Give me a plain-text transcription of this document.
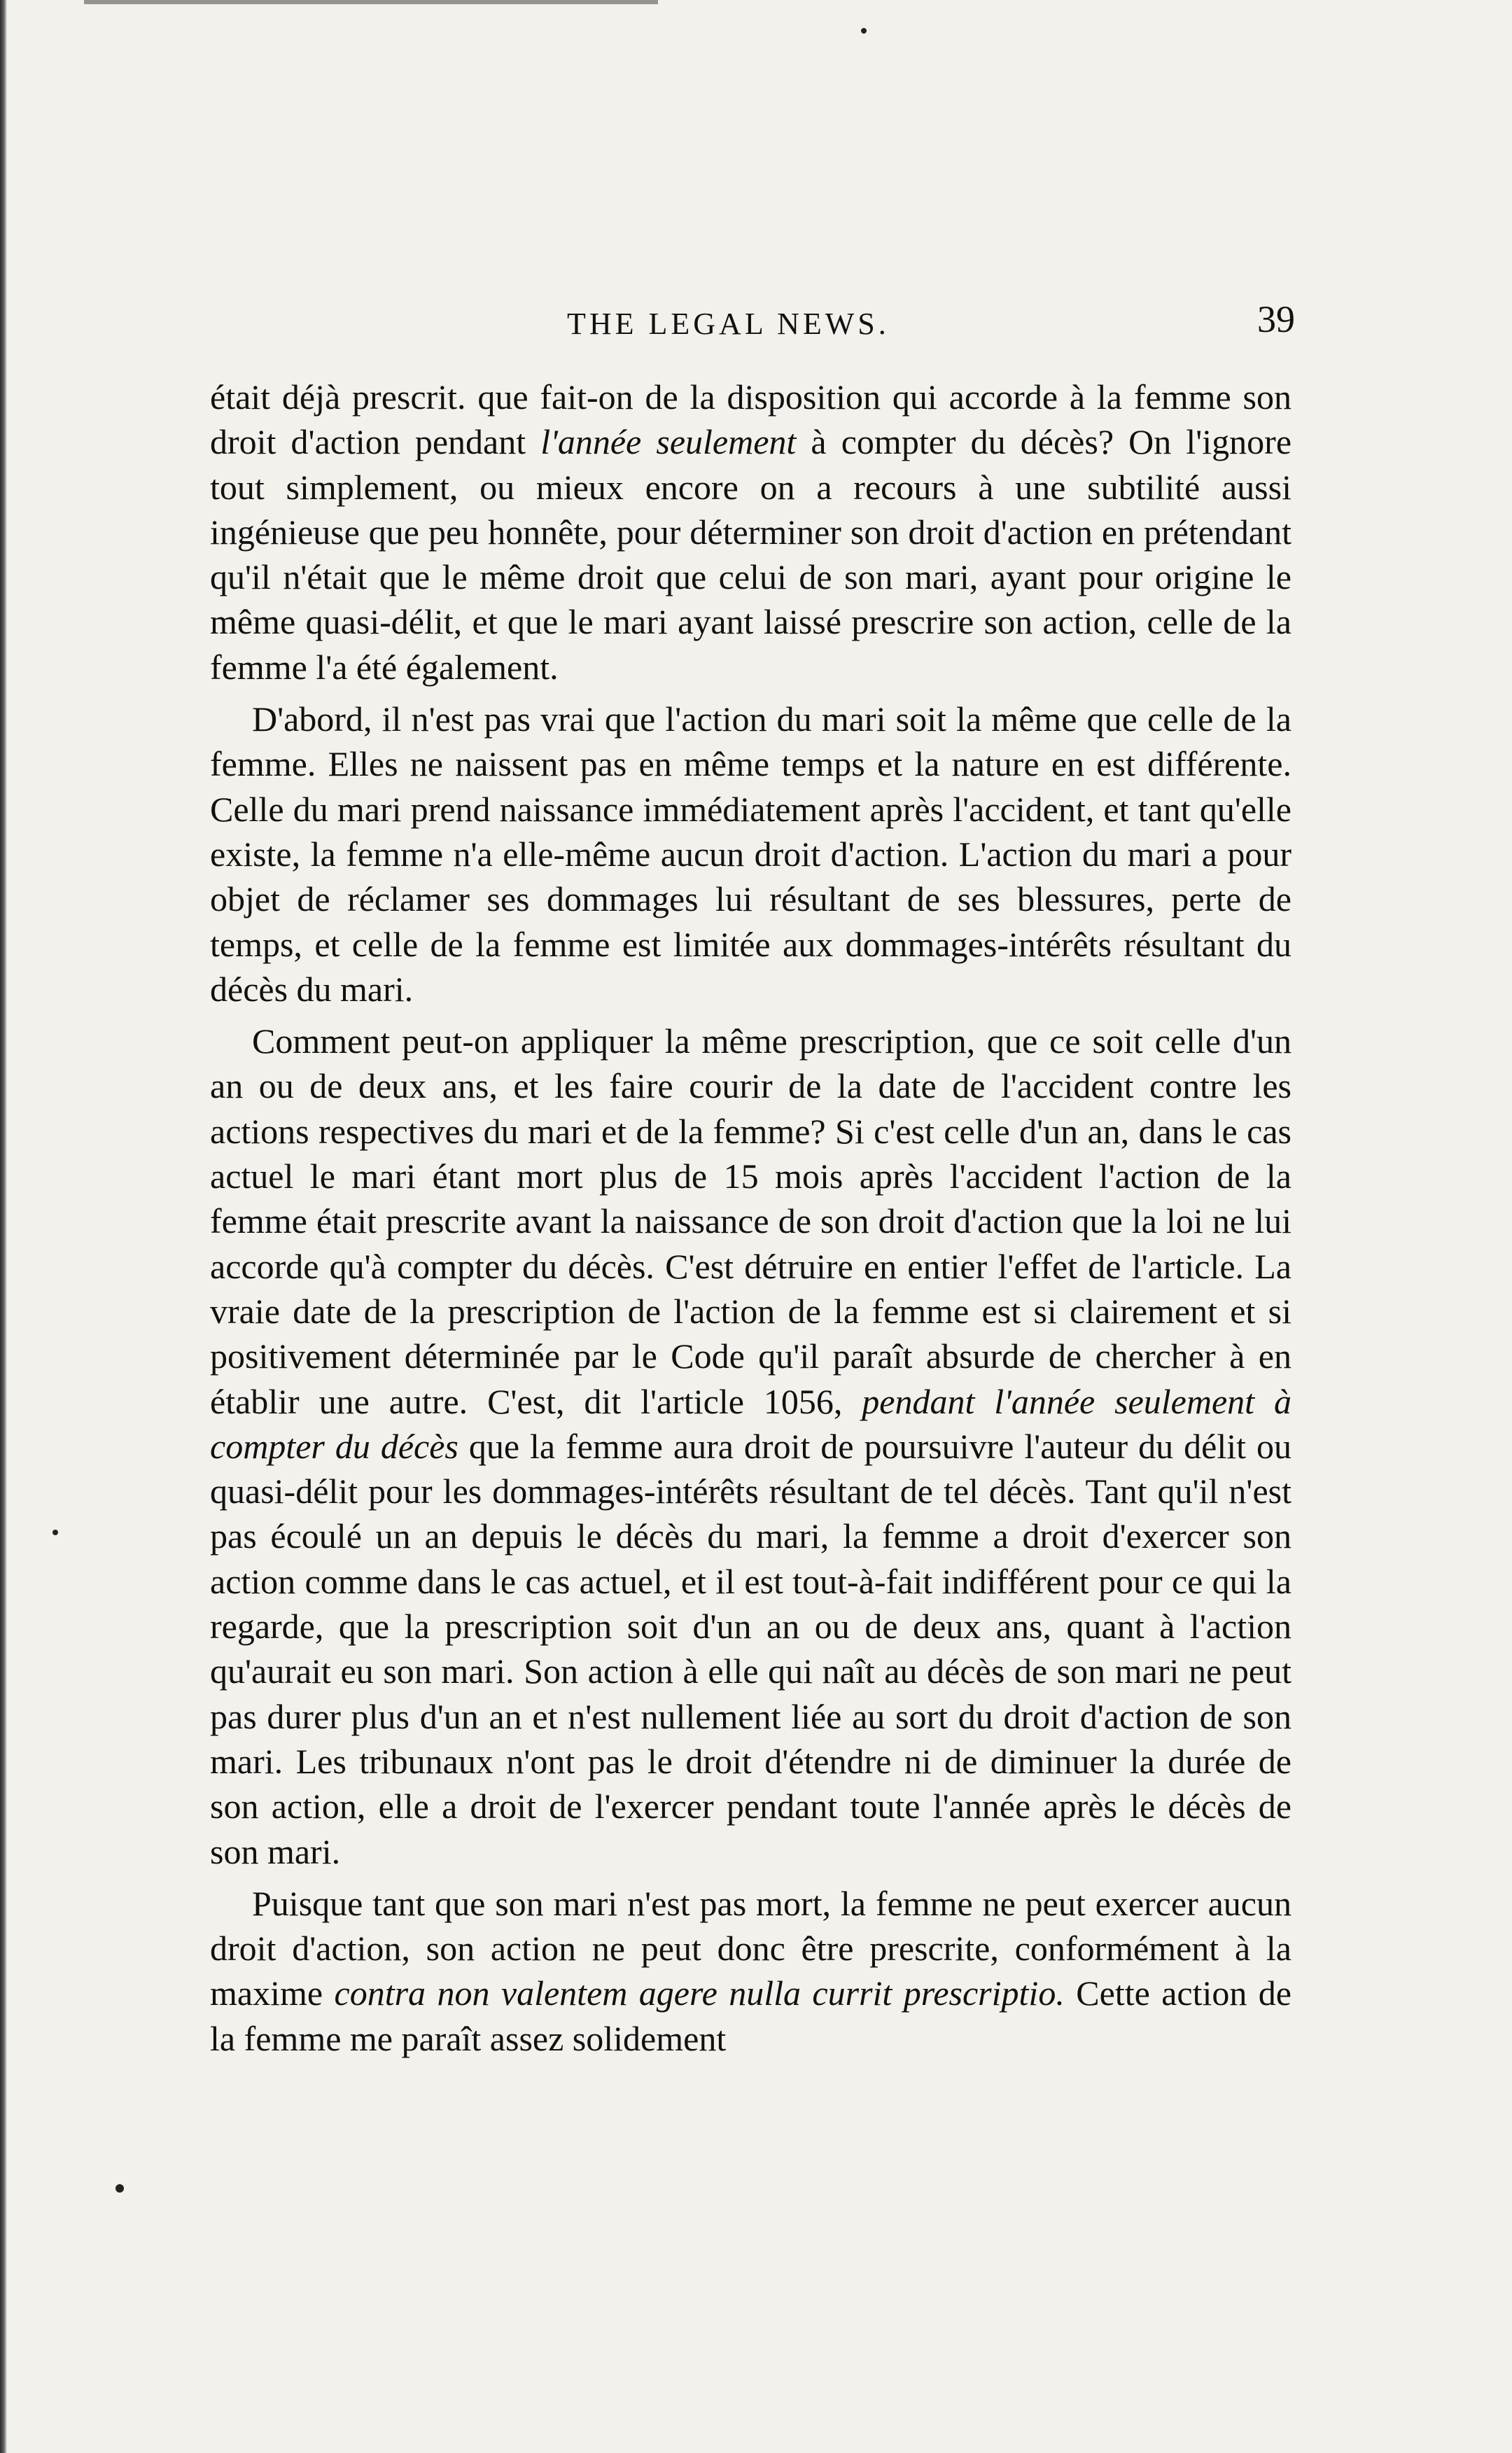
THE LEGAL NEWS.	39

était déjà prescrit. que fait-on de la disposition qui accorde à la femme son droit d'action pendant l'année seulement à compter du décès? On l'ignore tout simplement, ou mieux encore on a recours à une subtilité aussi ingénieuse que peu honnête, pour déterminer son droit d'action en prétendant qu'il n'était que le même droit que celui de son mari, ayant pour origine le même quasi-délit, et que le mari ayant laissé prescrire son action, celle de la femme l'a été également.

D'abord, il n'est pas vrai que l'action du mari soit la même que celle de la femme. Elles ne naissent pas en même temps et la nature en est différente. Celle du mari prend naissance immédiatement après l'accident, et tant qu'elle existe, la femme n'a elle-même aucun droit d'action. L'action du mari a pour objet de réclamer ses dommages lui résultant de ses blessures, perte de temps, et celle de la femme est limitée aux dommages-intérêts résultant du décès du mari.

Comment peut-on appliquer la même prescription, que ce soit celle d'un an ou de deux ans, et les faire courir de la date de l'accident contre les actions respectives du mari et de la femme? Si c'est celle d'un an, dans le cas actuel le mari étant mort plus de 15 mois après l'accident l'action de la femme était prescrite avant la naissance de son droit d'action que la loi ne lui accorde qu'à compter du décès. C'est détruire en entier l'effet de l'article. La vraie date de la prescription de l'action de la femme est si clairement et si positivement déterminée par le Code qu'il paraît absurde de chercher à en établir une autre. C'est, dit l'article 1056, pendant l'année seulement à compter du décès que la femme aura droit de poursuivre l'auteur du délit ou quasi-délit pour les dommages-intérêts résultant de tel décès. Tant qu'il n'est pas écoulé un an depuis le décès du mari, la femme a droit d'exercer son action comme dans le cas actuel, et il est tout-à-fait indifférent pour ce qui la regarde, que la prescription soit d'un an ou de deux ans, quant à l'action qu'aurait eu son mari. Son action à elle qui naît au décès de son mari ne peut pas durer plus d'un an et n'est nullement liée au sort du droit d'action de son mari. Les tribunaux n'ont pas le droit d'étendre ni de diminuer la durée de son action, elle a droit de l'exercer pendant toute l'année après le décès de son mari.

Puisque tant que son mari n'est pas mort, la femme ne peut exercer aucun droit d'action, son action ne peut donc être prescrite, conformément à la maxime contra non valentem agere nulla currit prescriptio. Cette action de la femme me paraît assez solidement
